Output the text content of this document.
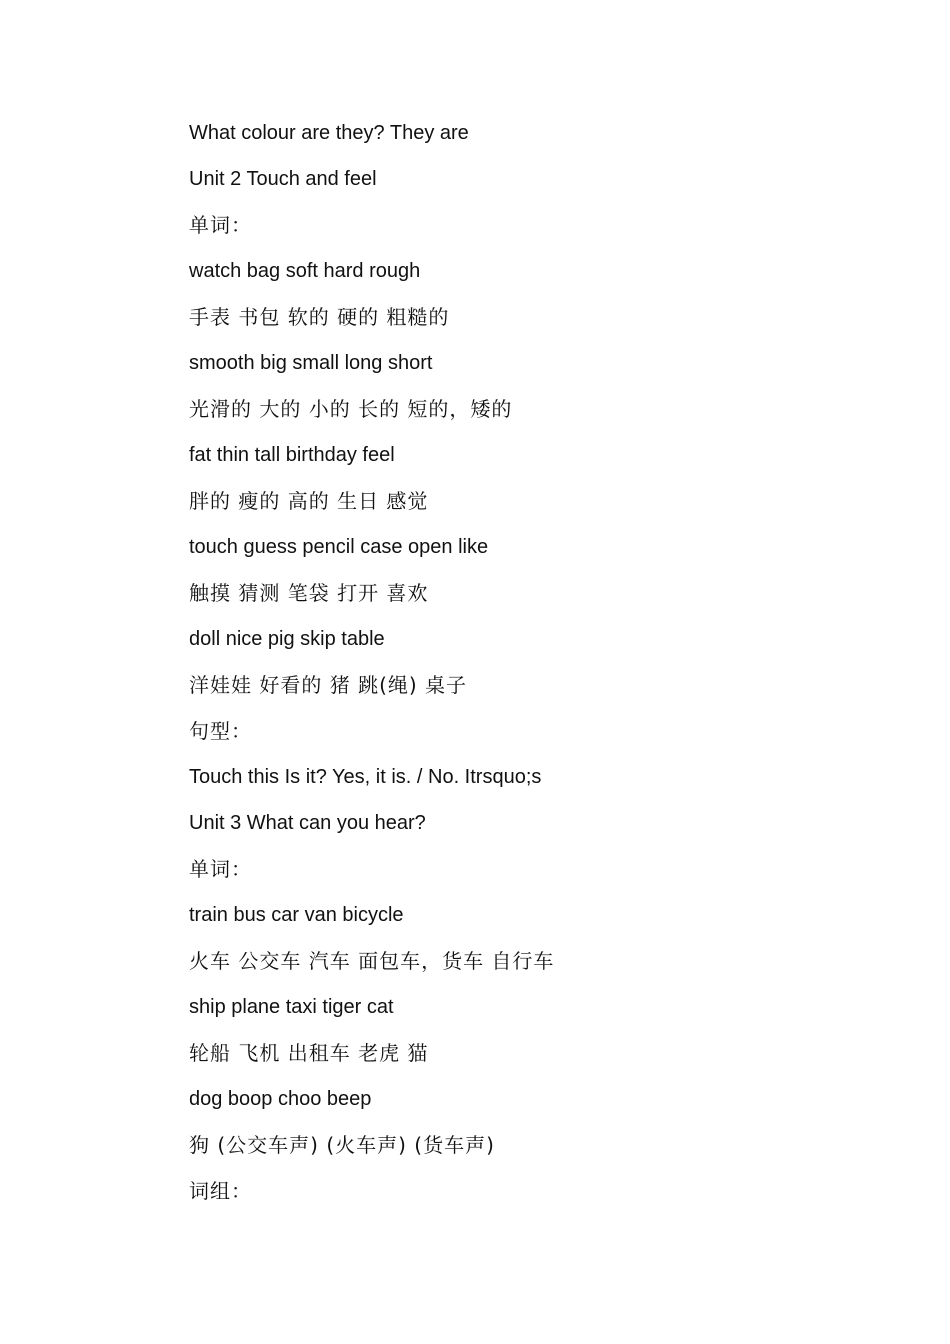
What colour are they? They are
Unit 2 Touch and feel
单词：
watch bag soft hard rough
手表 书包 软的 硬的 粗糙的
smooth big small long short
光滑的 大的 小的 长的 短的，矮的
fat thin tall birthday feel
胖的 瘦的 高的 生日 感觉
touch guess pencil case open like
触摸 猜测 笔袋 打开 喜欢
doll nice pig skip table
洋娃娃 好看的 猪 跳(绳) 桌子
句型：
Touch this Is it? Yes, it is. / No. Itrsquo;s
Unit 3 What can you hear?
单词：
train bus car van bicycle
火车 公交车 汽车 面包车，货车 自行车
ship plane taxi tiger cat
轮船 飞机 出租车 老虎 猫
dog boop choo beep
狗 (公交车声) (火车声) (货车声)
词组：
